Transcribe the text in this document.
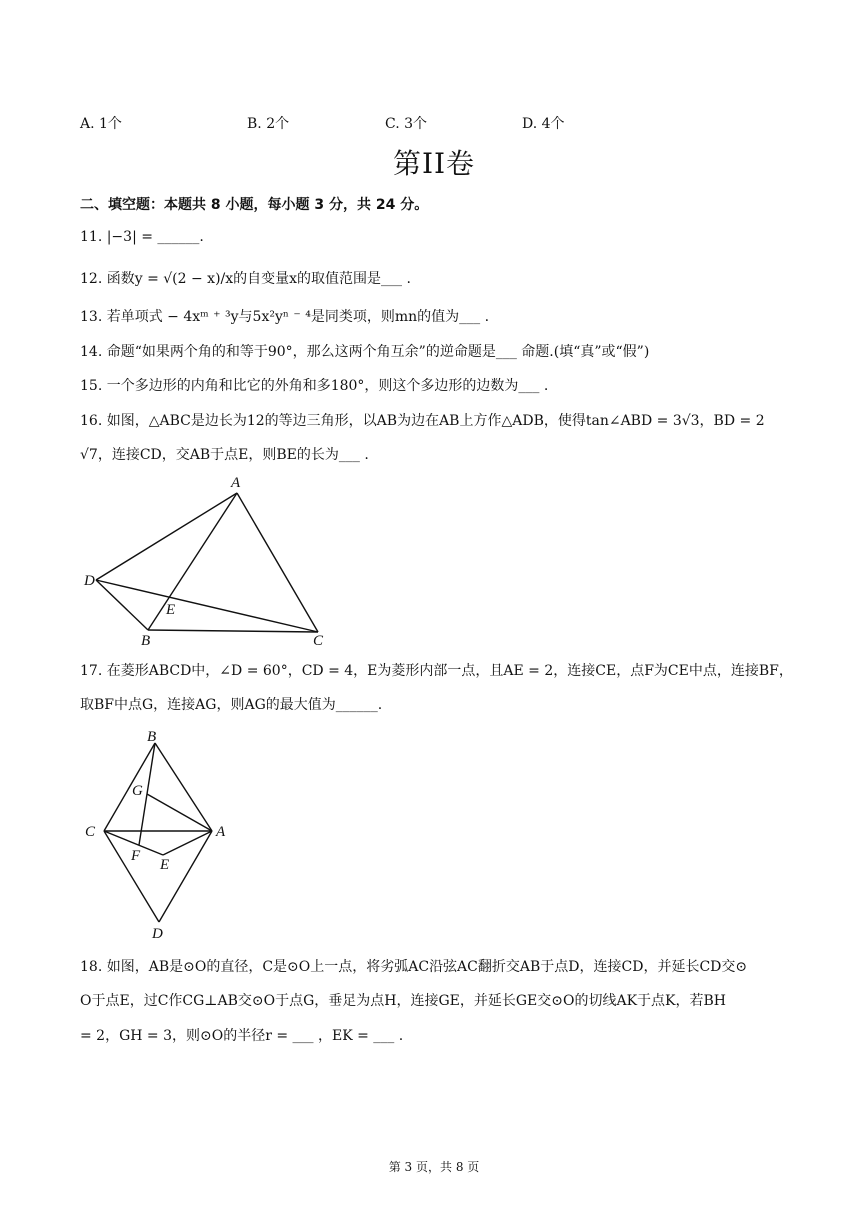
A. 1个	B. 2个	C. 3个	D. 4个
第II卷
二、填空题：本题共 8 小题，每小题 3 分，共 24 分。
11. |−3| = ______.
12. 函数y = √(2 − x)/x的自变量x的取值范围是___ .
13. 若单项式 − 4xᵐ ⁺ ³y与5x²yⁿ ⁻ ⁴是同类项，则mn的值为___ .
14. 命题“如果两个角的和等于90°，那么这两个角互余”的逆命题是___ 命题.(填“真”或“假”)
15. 一个多边形的内角和比它的外角和多180°，则这个多边形的边数为___ .
16. 如图，△ABC是边长为12的等边三角形，以AB为边在AB上方作△ADB，使得tan∠ABD = 3√3，BD = 2
√7，连接CD，交AB于点E，则BE的长为___ .
A
D
E
B	C
17. 在菱形ABCD中，∠D = 60°，CD = 4，E为菱形内部一点，且AE = 2，连接CE，点F为CE中点，连接BF，
取BF中点G，连接AG，则AG的最大值为______.
B
G
C	A
F
E
D
18. 如图，AB是⊙O的直径，C是⊙O上一点，将劣弧AC沿弦AC翻折交AB于点D，连接CD，并延长CD交⊙
O于点E，过C作CG⊥AB交⊙O于点G，垂足为点H，连接GE，并延长GE交⊙O的切线AK于点K，若BH
= 2，GH = 3，则⊙O的半径r = ___ ，EK = ___ .
第 3 页，共 8 页
